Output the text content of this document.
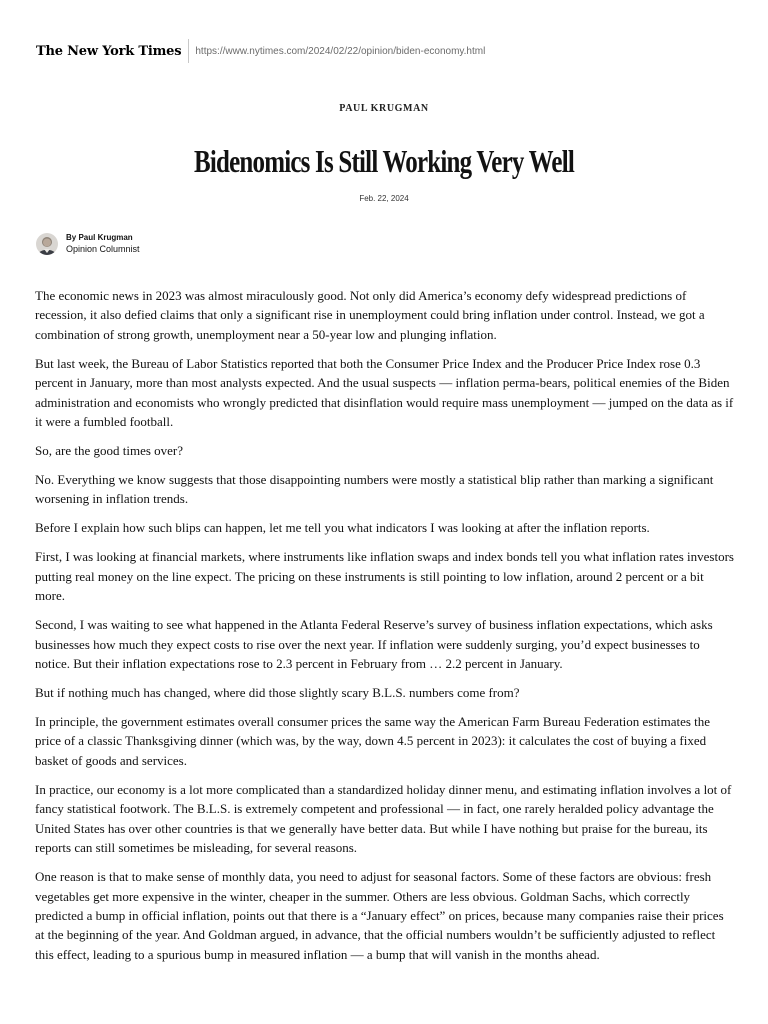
The New York Times https://www.nytimes.com/2024/02/22/opinion/biden-economy.html
PAUL KRUGMAN
Bidenomics Is Still Working Very Well
Feb. 22, 2024
By Paul Krugman
Opinion Columnist

The economic news in 2023 was almost miraculously good. Not only did America’s economy defy widespread predictions of recession, it also defied claims that only a significant rise in unemployment could bring inflation under control. Instead, we got a combination of strong growth, unemployment near a 50-year low and plunging inflation.

But last week, the Bureau of Labor Statistics reported that both the Consumer Price Index and the Producer Price Index rose 0.3 percent in January, more than most analysts expected. And the usual suspects — inflation perma-bears, political enemies of the Biden administration and economists who wrongly predicted that disinflation would require mass unemployment — jumped on the data as if it were a fumbled football.

So, are the good times over?

No. Everything we know suggests that those disappointing numbers were mostly a statistical blip rather than marking a significant worsening in inflation trends.

Before I explain how such blips can happen, let me tell you what indicators I was looking at after the inflation reports.

First, I was looking at financial markets, where instruments like inflation swaps and index bonds tell you what inflation rates investors putting real money on the line expect. The pricing on these instruments is still pointing to low inflation, around 2 percent or a bit more.

Second, I was waiting to see what happened in the Atlanta Federal Reserve’s survey of business inflation expectations, which asks businesses how much they expect costs to rise over the next year. If inflation were suddenly surging, you’d expect businesses to notice. But their inflation expectations rose to 2.3 percent in February from … 2.2 percent in January.

But if nothing much has changed, where did those slightly scary B.L.S. numbers come from?

In principle, the government estimates overall consumer prices the same way the American Farm Bureau Federation estimates the price of a classic Thanksgiving dinner (which was, by the way, down 4.5 percent in 2023): it calculates the cost of buying a fixed basket of goods and services.

In practice, our economy is a lot more complicated than a standardized holiday dinner menu, and estimating inflation involves a lot of fancy statistical footwork. The B.L.S. is extremely competent and professional — in fact, one rarely heralded policy advantage the United States has over other countries is that we generally have better data. But while I have nothing but praise for the bureau, its reports can still sometimes be misleading, for several reasons.

One reason is that to make sense of monthly data, you need to adjust for seasonal factors. Some of these factors are obvious: fresh vegetables get more expensive in the winter, cheaper in the summer. Others are less obvious. Goldman Sachs, which correctly predicted a bump in official inflation, points out that there is a “January effect” on prices, because many companies raise their prices at the beginning of the year. And Goldman argued, in advance, that the official numbers wouldn’t be sufficiently adjusted to reflect this effect, leading to a spurious bump in measured inflation — a bump that will vanish in the months ahead.
